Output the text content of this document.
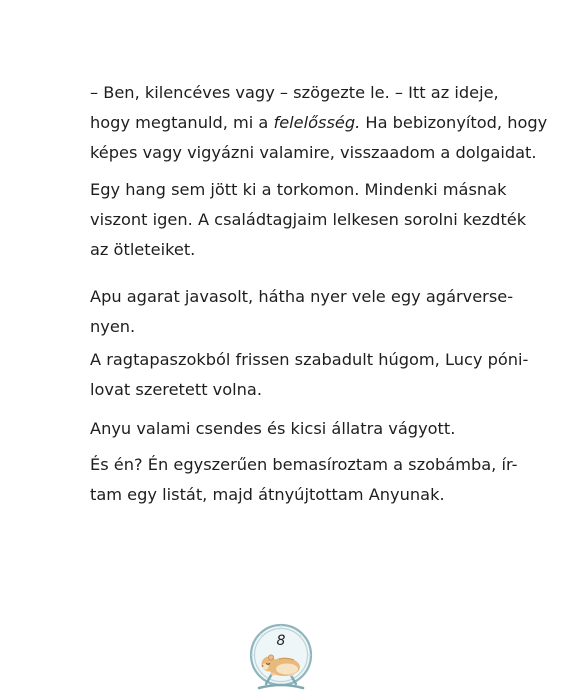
– Ben, kilencéves vagy – szögezte le. – Itt az ideje,
hogy megtanuld, mi a felelősség. Ha bebizonyítod, hogy
képes vagy vigyázni valamire, visszaadom a dolgaidat.

Egy hang sem jött ki a torkomon. Mindenki másnak
viszont igen. A családtagjaim lelkesen sorolni kezdték
az ötleteiket.

Apu agarat javasolt, hátha nyer vele egy agárverse-
nyen.

A ragtapaszokból frissen szabadult húgom, Lucy póni-
lovat szeretett volna.

Anyu valami csendes és kicsi állatra vágyott.

És én? Én egyszerűen bemasíroztam a szobámba, ír-
tam egy listát, majd átnyújtottam Anyunak.

8
